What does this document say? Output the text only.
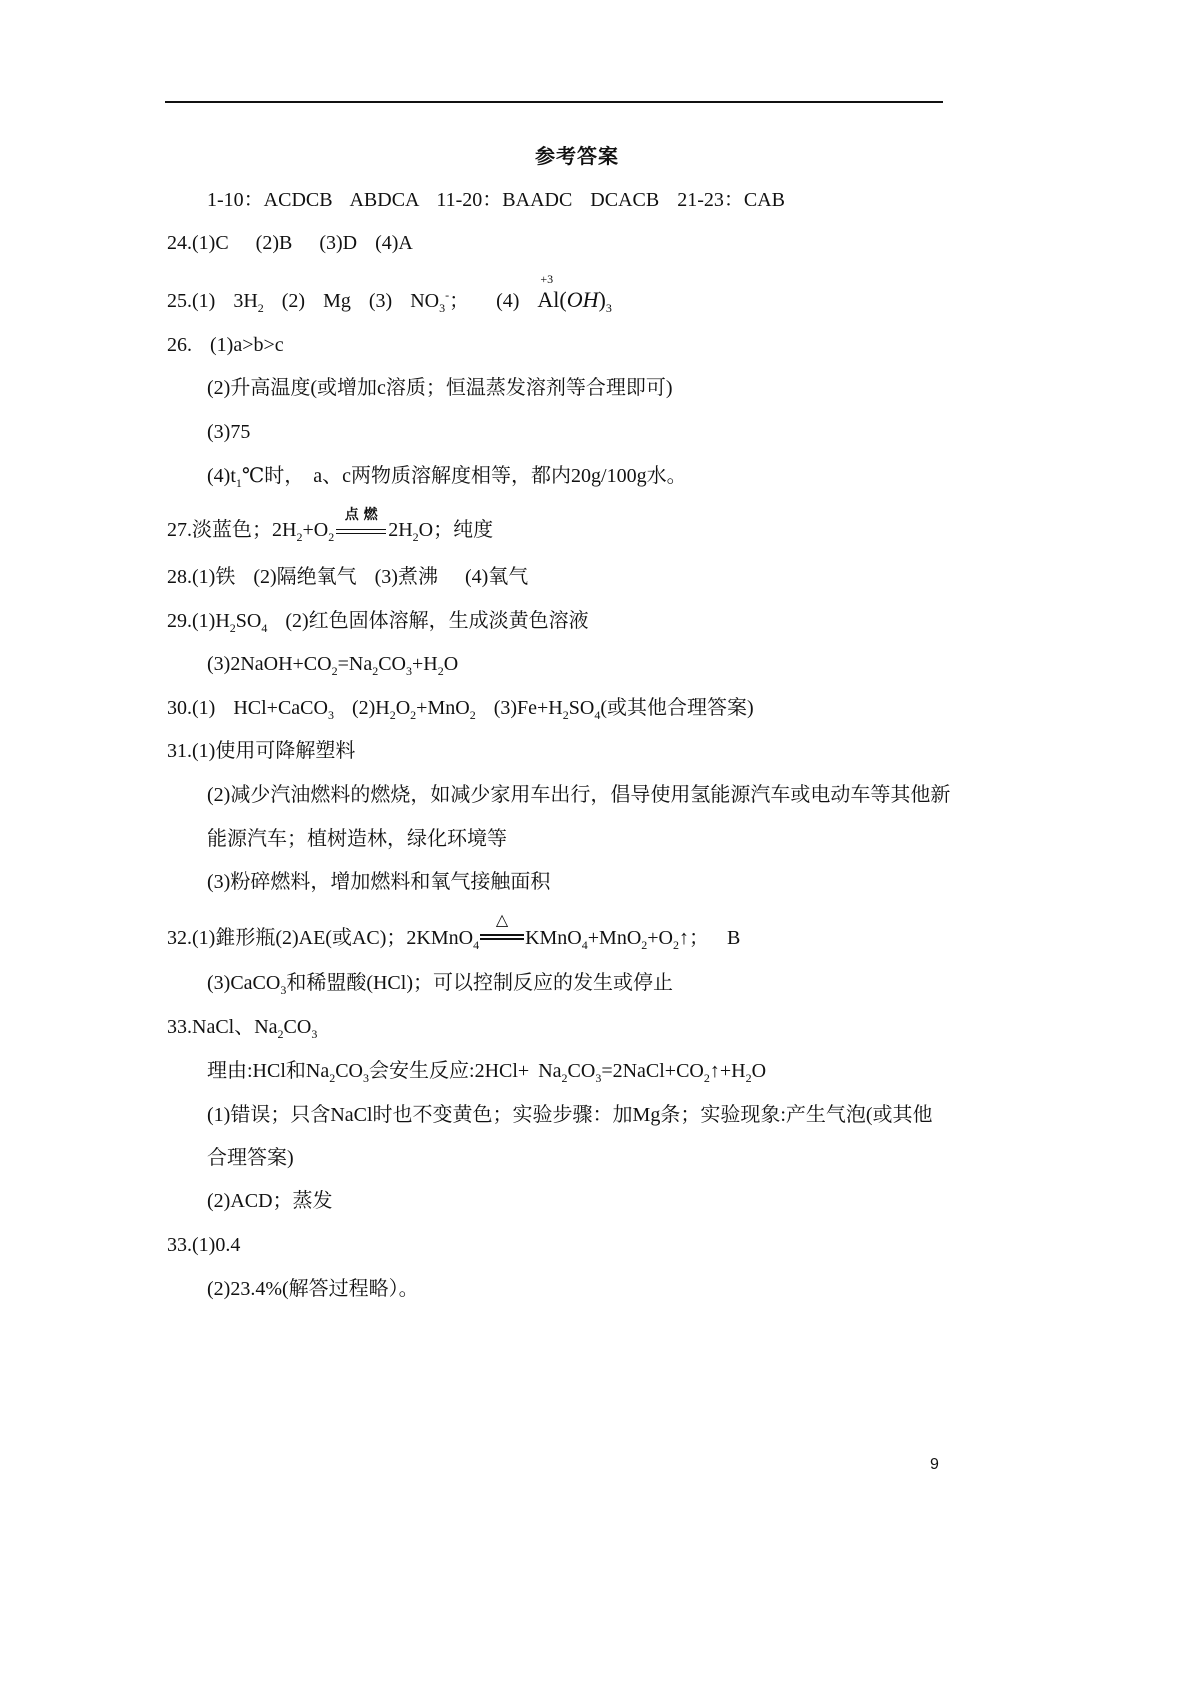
参考答案
1-10：ACDCB  ABDCA  11-20：BAADC  DCACB  21-23：CAB
24.(1)C   (2)B   (3)D  (4)A
25.(1)  $3H_2$  (2)  Mg  (3)  $NO_3^-$；   (4)
+3
$Al(OH)_3$
26.  (1)a>b>c
(2)升高温度(或增加c溶质；恒温蒸发溶剂等合理即可)
(3)75
$(4)t_1℃$时， a、c两物质溶解度相等，都内20g/100g水。
27.淡蓝色；$2H_2+O_2$
点燃
$2H_2O$；纯度
28.(1)铁  (2)隔绝氧气  (3)煮沸   (4)氧气
$29.(1)H_2SO_4$  (2)红色固体溶解，生成淡黄色溶液
$(3)2NaOH+CO_2=Na_2CO_3+H_2O$
30.(1)  HCl+CaCO$_3$  $(2)H_2O_2+MnO_2$  $(3)Fe+H_2SO_4$(或其他合理答案)
31.(1)使用可降解塑料
(2)减少汽油燃料的燃烧，如减少家用车出行，倡导使用氢能源汽车或电动车等其他新
能源汽车；植树造林，绿化环境等
(3)粉碎燃料，增加燃料和氧气接触面积
32.(1)錐形瓶(2)AE(或AC)；2KMnO$_4$
△
$KMnO_4+MnO_2+O_2↑$；  B
(3)CaCO$_3$和稀盟酸(HCl)；可以控制反应的发生或停止
33.NaCl、$Na_2CO_3$
理由:HCl和$Na_2CO_3$会安生反应:2HCl+ $Na_2CO_3=2NaCl+CO_2↑+H_2O$
(1)错误；只含NaCl时也不变黄色；实验步骤：加Mg条；实验现象:产生气泡(或其他
合理答案)
(2)ACD；蒸发
33.(1)0.4
(2)23.4%(解答过程略）。
9
